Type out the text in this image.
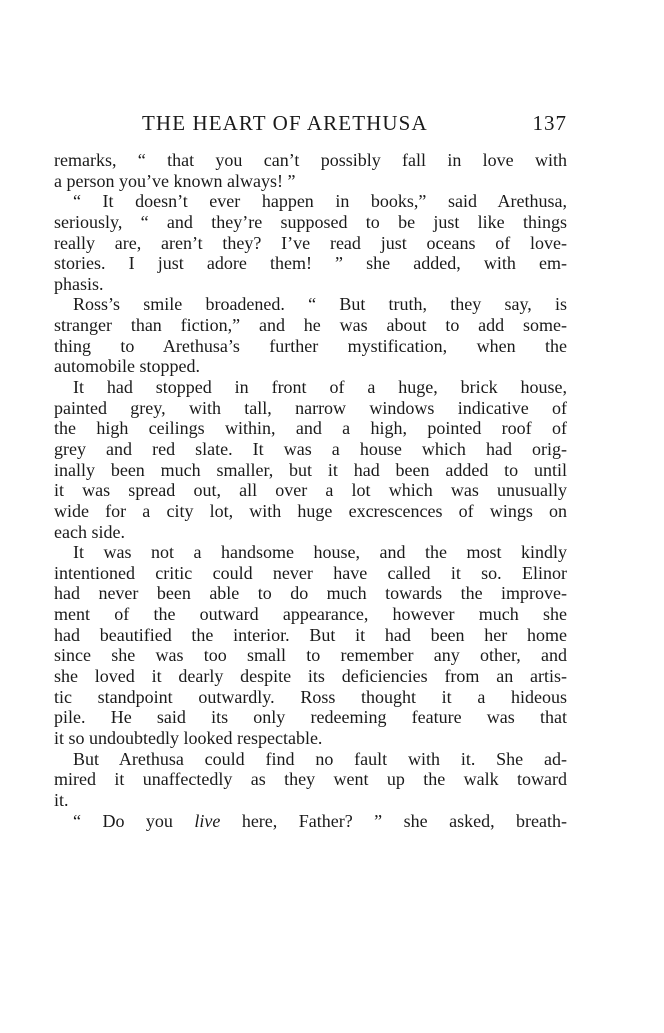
THE HEART OF ARETHUSA	137
remarks, “ that you can’t possibly fall in love with
a person you’ve known always! ”
“ It doesn’t ever happen in books,” said Arethusa,
seriously, “ and they’re supposed to be just like things
really are, aren’t they? I’ve read just oceans of love-
stories. I just adore them! ” she added, with em-
phasis.
Ross’s smile broadened. “ But truth, they say, is
stranger than fiction,” and he was about to add some-
thing to Arethusa’s further mystification, when the
automobile stopped.
It had stopped in front of a huge, brick house,
painted grey, with tall, narrow windows indicative of
the high ceilings within, and a high, pointed roof of
grey and red slate. It was a house which had orig-
inally been much smaller, but it had been added to until
it was spread out, all over a lot which was unusually
wide for a city lot, with huge excrescences of wings on
each side.
It was not a handsome house, and the most kindly
intentioned critic could never have called it so. Elinor
had never been able to do much towards the improve-
ment of the outward appearance, however much she
had beautified the interior. But it had been her home
since she was too small to remember any other, and
she loved it dearly despite its deficiencies from an artis-
tic standpoint outwardly. Ross thought it a hideous
pile. He said its only redeeming feature was that
it so undoubtedly looked respectable.
But Arethusa could find no fault with it. She ad-
mired it unaffectedly as they went up the walk toward
it.
“ Do you live here, Father? ” she asked, breath-
